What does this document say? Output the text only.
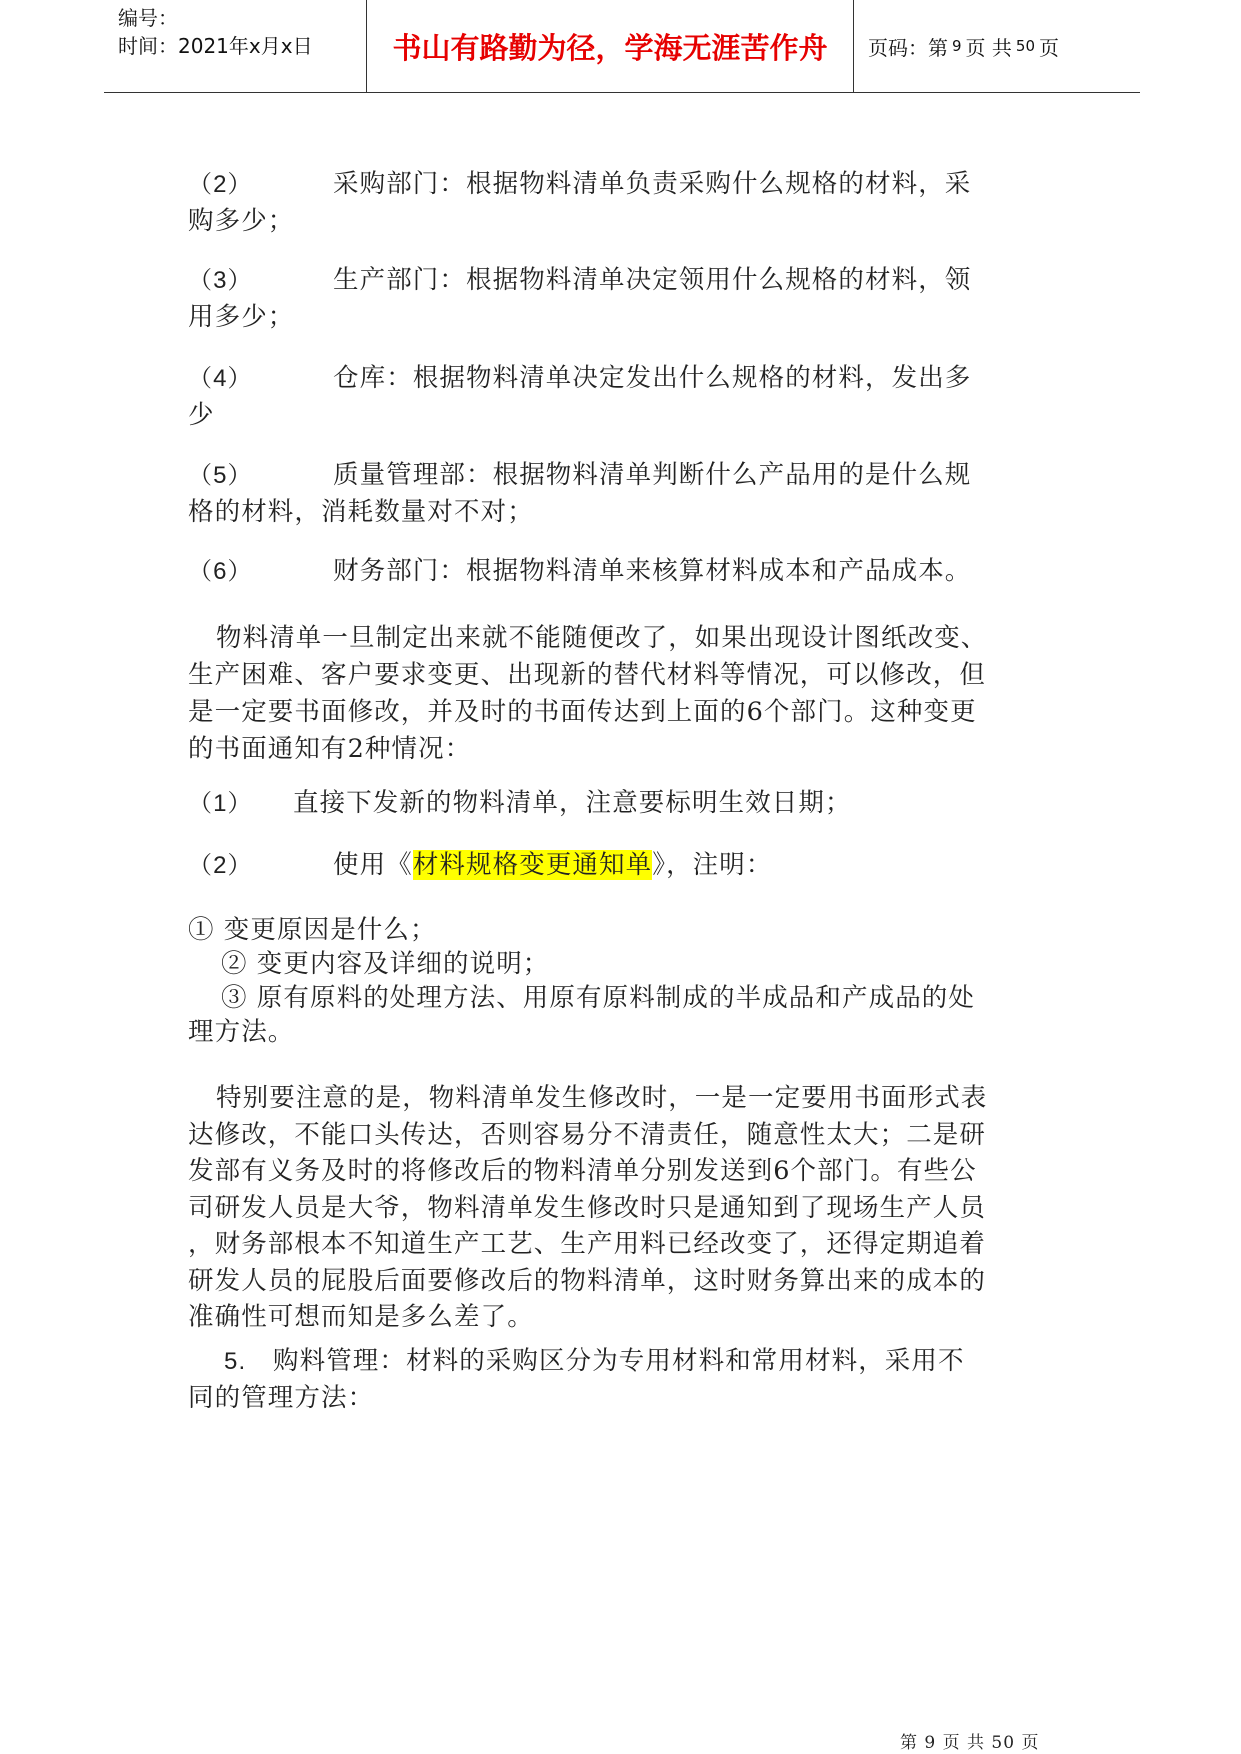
编号：
时间：2021年x月x日	书山有路勤为径，学海无涯苦作舟	页码：第 9 页 共 50 页
（2）	采购部门：根据物料清单负责采购什么规格的材料，采
购多少；
（3）	生产部门：根据物料清单决定领用什么规格的材料，领
用多少；
（4）	仓库：根据物料清单决定发出什么规格的材料，发出多
少
（5）	质量管理部：根据物料清单判断什么产品用的是什么规
格的材料，消耗数量对不对；
（6）	财务部门：根据物料清单来核算材料成本和产品成本。
物料清单一旦制定出来就不能随便改了，如果出现设计图纸改变、
生产困难、客户要求变更、出现新的替代材料等情况，可以修改，但
是一定要书面修改，并及时的书面传达到上面的6个部门。这种变更
的书面通知有2种情况：
（1） 直接下发新的物料清单，注意要标明生效日期；
（2）	使用《材料规格变更通知单》，注明：
① 变更原因是什么；
② 变更内容及详细的说明；
③ 原有原料的处理方法、用原有原料制成的半成品和产成品的处
理方法。
特别要注意的是，物料清单发生修改时，一是一定要用书面形式表
达修改，不能口头传达，否则容易分不清责任，随意性太大；二是研
发部有义务及时的将修改后的物料清单分别发送到6个部门。有些公
司研发人员是大爷，物料清单发生修改时只是通知到了现场生产人员
，财务部根本不知道生产工艺、生产用料已经改变了，还得定期追着
研发人员的屁股后面要修改后的物料清单，这时财务算出来的成本的
准确性可想而知是多么差了。
5. 购料管理：材料的采购区分为专用材料和常用材料，采用不
同的管理方法：
第 9 页 共 50 页
